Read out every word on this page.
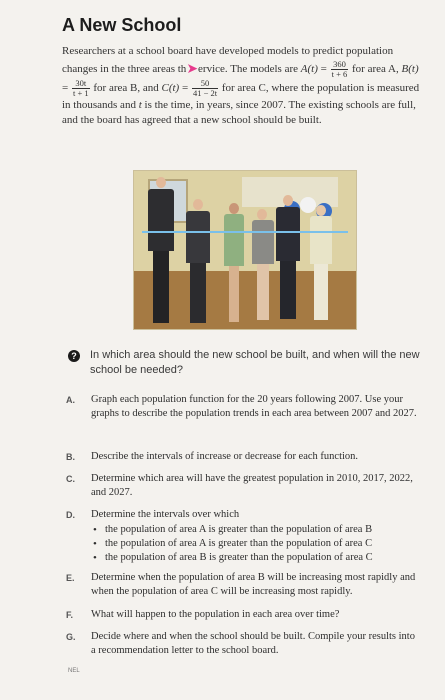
A New School
Researchers at a school board have developed models to predict population changes in the three areas th➤ervice. The models are $A(t) = \frac{360}{t + 6}$ for area A, $B(t) = \frac{30t}{t + 1}$ for area B, and $C(t) = \frac{50}{41 - 2t}$ for area C, where the population is measured in thousands and t is the time, in years, since 2007. The existing schools are full, and the board has agreed that a new school should be built.
? In which area should the new school be built, and when will the new school be needed?
A. Graph each population function for the 20 years following 2007. Use your graphs to describe the population trends in each area between 2007 and 2027.
B. Describe the intervals of increase or decrease for each function.
C. Determine which area will have the greatest population in 2010, 2017, 2022, and 2027.
D. Determine the intervals over which
• the population of area A is greater than the population of area B
• the population of area A is greater than the population of area C
• the population of area B is greater than the population of area C
E. Determine when the population of area B will be increasing most rapidly and when the population of area C will be increasing most rapidly.
F. What will happen to the population in each area over time?
G. Decide where and when the school should be built. Compile your results into a recommendation letter to the school board.
NEL
